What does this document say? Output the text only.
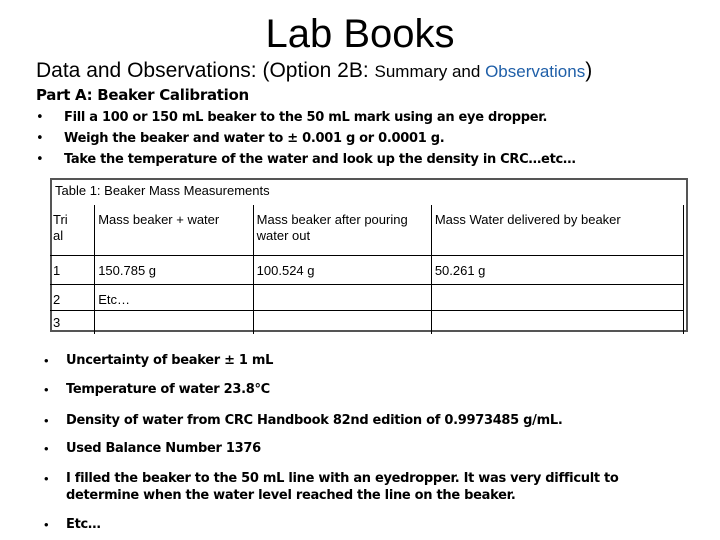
Lab Books
Data and Observations: (Option 2B: Summary and Observations)
Part A: Beaker Calibration
• Fill a 100 or 150 mL beaker to the 50 mL mark using an eye dropper.
• Weigh the beaker and water to ± 0.001 g or 0.0001 g.
• Take the temperature of the water and look up the density in CRC…etc…
Table 1: Beaker Mass Measurements
Tri al	Mass beaker + water	Mass beaker after pouring water out	Mass Water delivered by beaker
1	150.785 g	100.524 g	50.261 g
2	Etc…		
3			
• Uncertainty of beaker ± 1 mL
• Temperature of water 23.8°C
• Density of water from CRC Handbook 82nd edition of 0.9973485 g/mL.
• Used Balance Number 1376
• I filled the beaker to the 50 mL line with an eyedropper. It was very difficult to determine when the water level reached the line on the beaker.
• Etc…
